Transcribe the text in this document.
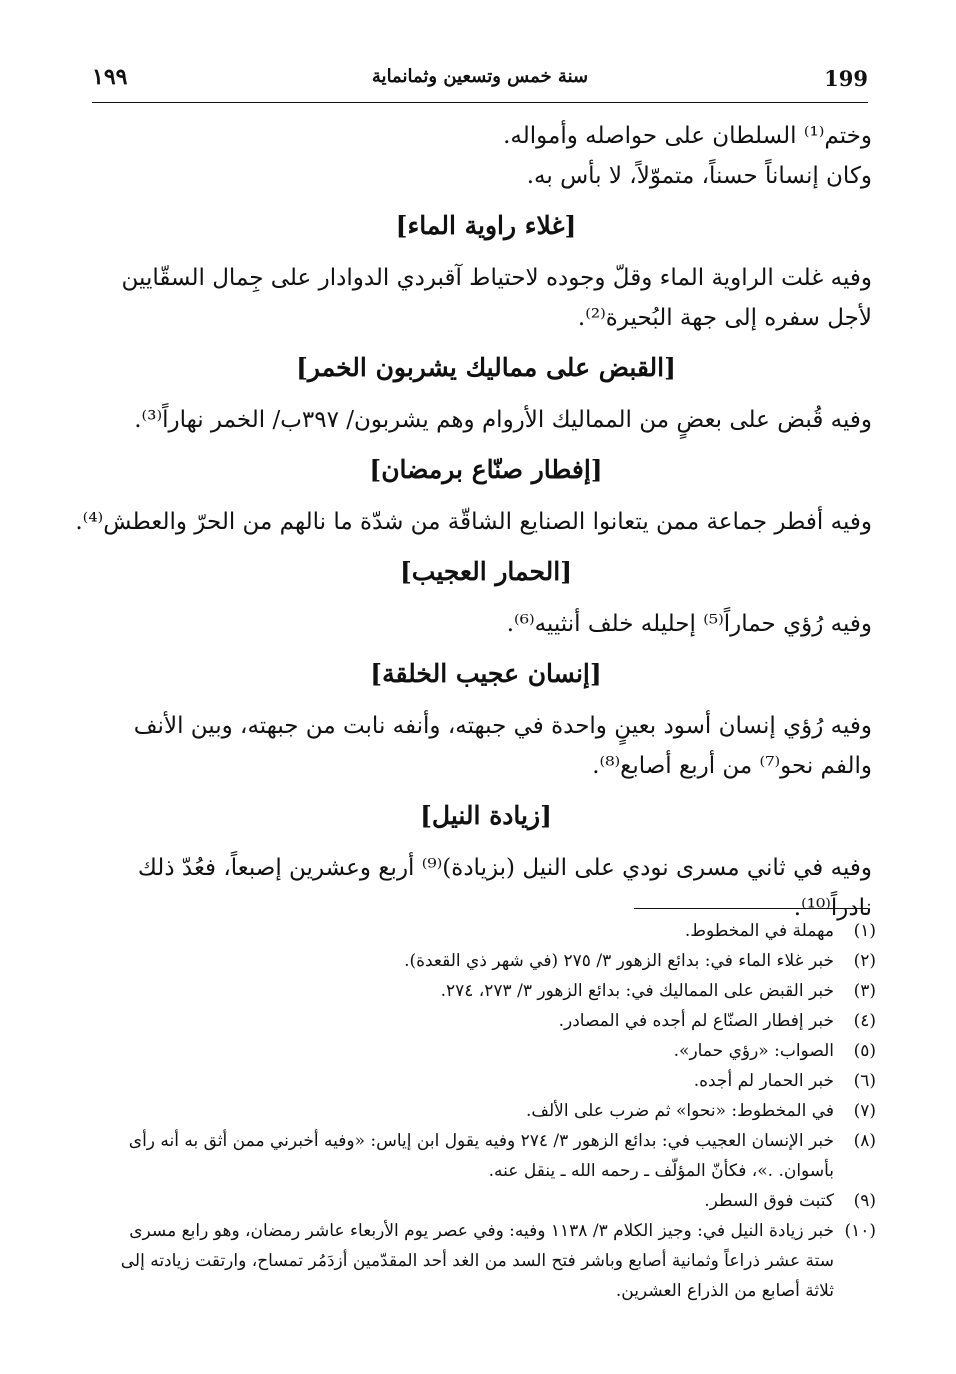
199
سنة خمس وتسعين وثمانماية
١٩٩
وختم⁽¹⁾ السلطان على حواصله وأمواله.
وكان إنساناً حسناً، متموّلاً، لا بأس به.
[غلاء راوية الماء]
وفيه غلت الراوية الماء وقلّ وجوده لاحتياط آقبردي الدوادار على جِمال السقّايين
لأجل سفره إلى جهة البُحيرة⁽²⁾.
[القبض على مماليك يشربون الخمر]
وفيه قُبض على بعضٍ من المماليك الأروام وهم يشربون/ ٣٩٧ب/ الخمر نهاراً⁽³⁾.
[إفطار صنّاع برمضان]
وفيه أفطر جماعة ممن يتعانوا الصنايع الشاقّة من شدّة ما نالهم من الحرّ والعطش⁽⁴⁾.
[الحمار العجيب]
وفيه رُؤي حماراً⁽⁵⁾ إحليله خلف أنثييه⁽⁶⁾.
[إنسان عجيب الخلقة]
وفيه رُؤي إنسان أسود بعينٍ واحدة في جبهته، وأنفه نابت من جبهته، وبين الأنف
والفم نحو⁽⁷⁾ من أربع أصابع⁽⁸⁾.
[زيادة النيل]
وفيه في ثاني مسرى نودي على النيل (بزيادة)⁽⁹⁾ أربع وعشرين إصبعاً، فعُدّ ذلك
نادراً⁽¹⁰⁾.
(١)
مهملة في المخطوط.
(٢)
خبر غلاء الماء في: بدائع الزهور ٣/ ٢٧٥ (في شهر ذي القعدة).
(٣)
خبر القبض على المماليك في: بدائع الزهور ٣/ ٢٧٣، ٢٧٤.
(٤)
خبر إفطار الصنّاع لم أجده في المصادر.
(٥)
الصواب: «رؤي حمار».
(٦)
خبر الحمار لم أجده.
(٧)
في المخطوط: «نحوا» ثم ضرب على الألف.
(٨)
خبر الإنسان العجيب في: بدائع الزهور ٣/ ٢٧٤ وفيه يقول ابن إياس: «وفيه أخبرني ممن أثق به أنه رأى بأسوان. .»، فكأنّ المؤلّف ـ رحمه الله ـ ينقل عنه.
(٩)
كتبت فوق السطر.
(١٠)
خبر زيادة النيل في: وجيز الكلام ٣/ ١١٣٨ وفيه: وفي عصر يوم الأربعاء عاشر رمضان، وهو رابع مسرى ستة عشر ذراعاً وثمانية أصابع وباشر فتح السد من الغد أحد المقدّمين أزدَمُر تمساح، وارتقت زيادته إلى ثلاثة أصابع من الذراع العشرين.
